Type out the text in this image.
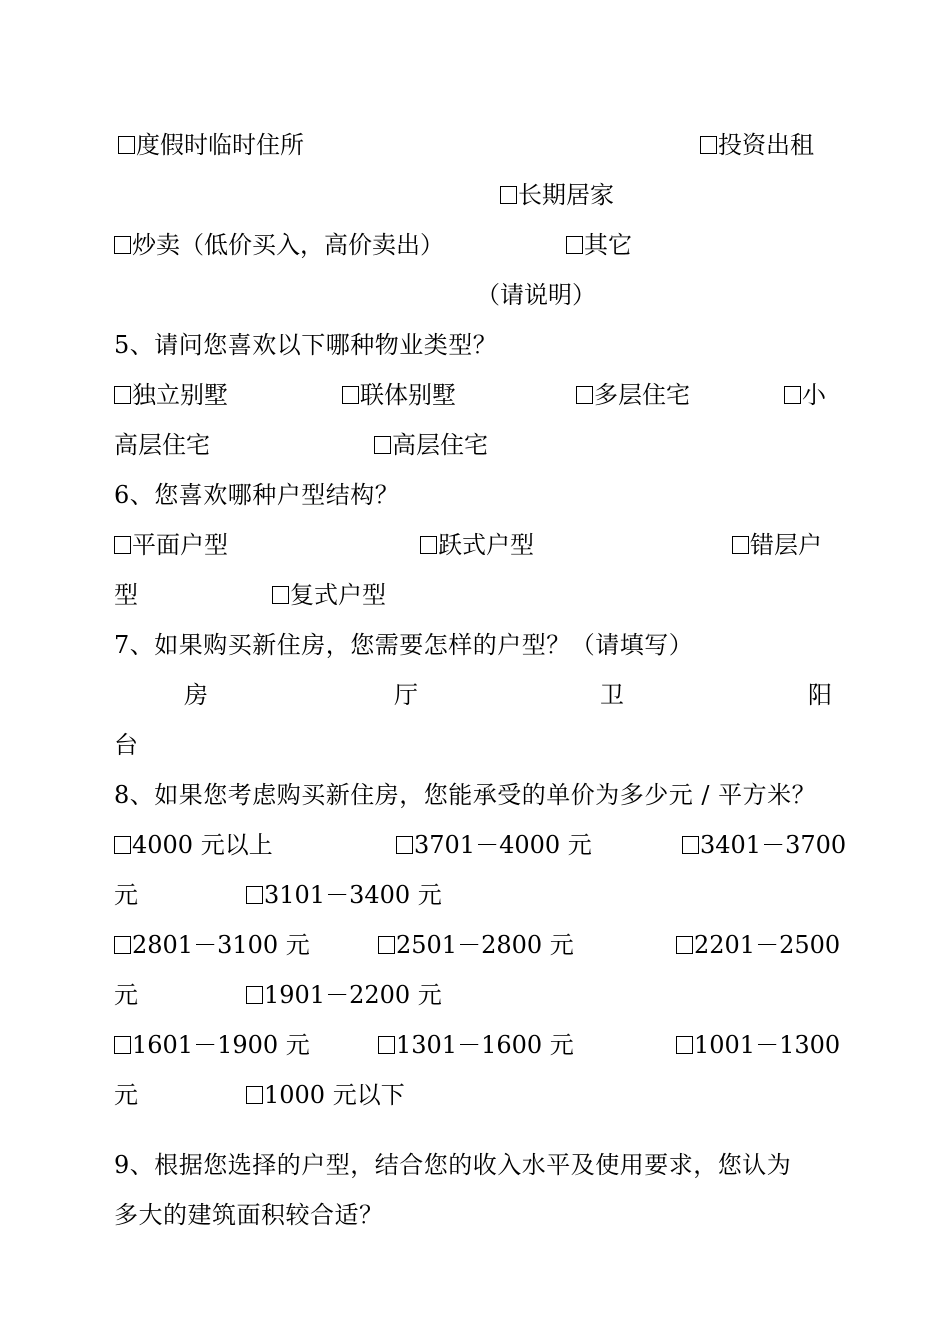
度假时临时住所	投资出租
长期居家
炒卖（低价买入，高价卖出）	其它
（请说明）
5、请问您喜欢以下哪种物业类型？
独立别墅	联体别墅	多层住宅	小
高层住宅	高层住宅
6、您喜欢哪种户型结构？
平面户型	跃式户型	错层户
型	复式户型
7、如果购买新住房，您需要怎样的户型？（请填写）
房	厅	卫	阳
台
8、如果您考虑购买新住房，您能承受的单价为多少元 / 平方米？
4000 元以上	3701－4000 元	3401－3700
元	3101－3400 元
2801－3100 元	2501－2800 元	2201－2500
元	1901－2200 元
1601－1900 元	1301－1600 元	1001－1300
元	1000 元以下
9、根据您选择的户型，结合您的收入水平及使用要求，您认为
多大的建筑面积较合适？
